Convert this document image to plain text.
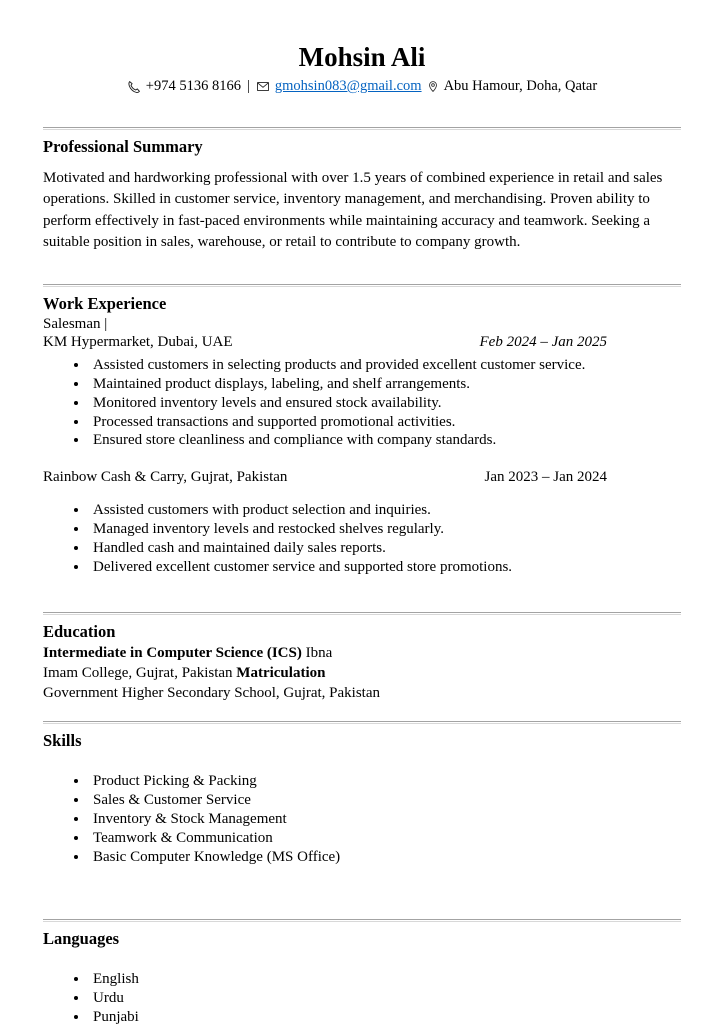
Mohsin Ali
+974 5136 8166 | gmohsin083@gmail.com Abu Hamour, Doha, Qatar
Professional Summary

Motivated and hardworking professional with over 1.5 years of combined experience in retail and sales operations. Skilled in customer service, inventory management, and merchandising. Proven ability to perform effectively in fast-paced environments while maintaining accuracy and teamwork. Seeking a suitable position in sales, warehouse, or retail to contribute to company growth.

Work Experience
Salesman |
KM Hypermarket, Dubai, UAE	Feb 2024 – Jan 2025
• Assisted customers in selecting products and provided excellent customer service.
• Maintained product displays, labeling, and shelf arrangements.
• Monitored inventory levels and ensured stock availability.
• Processed transactions and supported promotional activities.
• Ensured store cleanliness and compliance with company standards.
Rainbow Cash & Carry, Gujrat, Pakistan	Jan 2023 – Jan 2024
• Assisted customers with product selection and inquiries.
• Managed inventory levels and restocked shelves regularly.
• Handled cash and maintained daily sales reports.
• Delivered excellent customer service and supported store promotions.
Education
Intermediate in Computer Science (ICS) Ibna
Imam College, Gujrat, Pakistan Matriculation
Government Higher Secondary School, Gujrat, Pakistan
Skills
• Product Picking & Packing
• Sales & Customer Service
• Inventory & Stock Management
• Teamwork & Communication
• Basic Computer Knowledge (MS Office)
Languages
• English
• Urdu
• Punjabi
